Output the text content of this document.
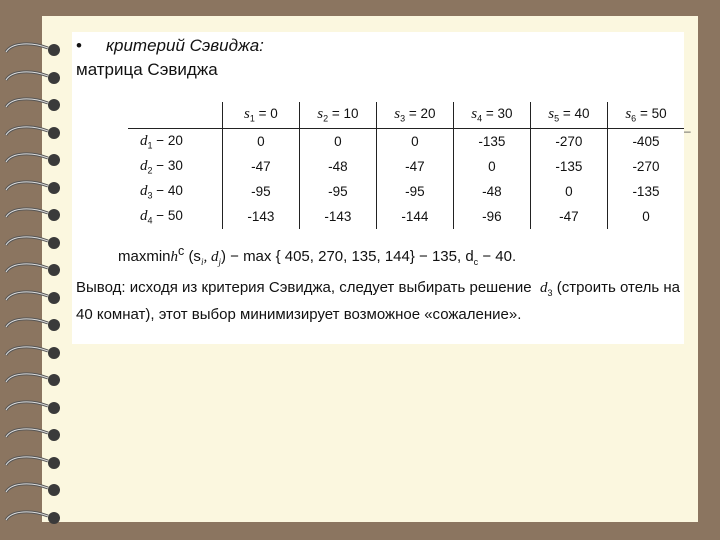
• критерий Сэвиджа:
матрица Сэвиджа
	$s_1 = 0$	$s_2 = 10$	$s_3 = 20$	$s_4 = 30$	$s_5 = 40$	$s_6 = 50$
$d_1 - 20$	0	0	0	-135	-270	-405
$d_2 - 30$	-47	-48	-47	0	-135	-270
$d_3 - 40$	-95	-95	-95	-48	0	-135
$d_4 - 50$	-143	-143	-144	-96	-47	0
–
maxminh$^c$ ($s_i$, $d_j) - \max$ { 405, 270, 135, 144} − 135, $d_c - 40$.
Вывод: исходя из критерия Сэвиджа, следует выбирать решение $d_3$ (строить отель на 40 комнат), этот выбор минимизирует возможное «сожаление».
